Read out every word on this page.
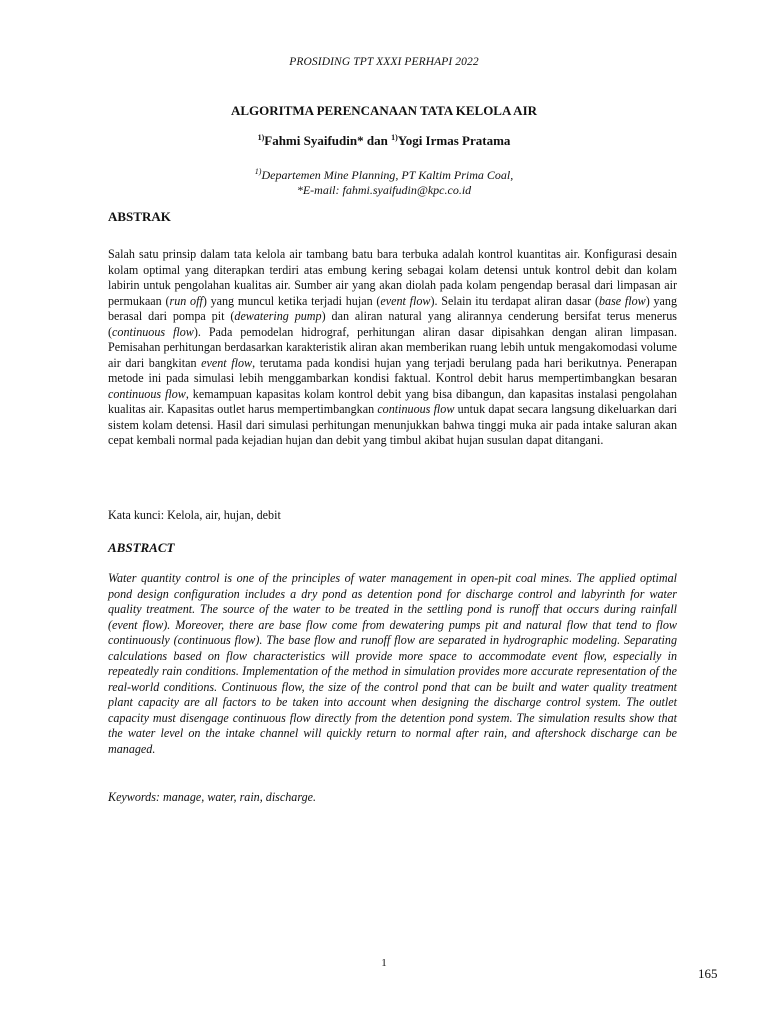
PROSIDING TPT XXXI PERHAPI 2022
ALGORITMA PERENCANAAN TATA KELOLA AIR
$^{1)}$Fahmi Syaifudin* dan $^{1)}$Yogi Irmas Pratama
$^{1)}$Departemen Mine Planning, PT Kaltim Prima Coal,
*E-mail: fahmi.syaifudin@kpc.co.id
ABSTRAK
Salah satu prinsip dalam tata kelola air tambang batu bara terbuka adalah kontrol kuantitas air. Konfigurasi desain kolam optimal yang diterapkan terdiri atas embung kering sebagai kolam detensi untuk kontrol debit dan kolam labirin untuk pengolahan kualitas air. Sumber air yang akan diolah pada kolam pengendap berasal dari limpasan air permukaan (run off) yang muncul ketika terjadi hujan (event flow). Selain itu terdapat aliran dasar (base flow) yang berasal dari pompa pit (dewatering pump) dan aliran natural yang alirannya cenderung bersifat terus menerus (continuous flow). Pada pemodelan hidrograf, perhitungan aliran dasar dipisahkan dengan aliran limpasan. Pemisahan perhitungan berdasarkan karakteristik aliran akan memberikan ruang lebih untuk mengakomodasi volume air dari bangkitan event flow, terutama pada kondisi hujan yang terjadi berulang pada hari berikutnya. Penerapan metode ini pada simulasi lebih menggambarkan kondisi faktual. Kontrol debit harus mempertimbangkan besaran continuous flow, kemampuan kapasitas kolam kontrol debit yang bisa dibangun, dan kapasitas instalasi pengolahan kualitas air. Kapasitas outlet harus mempertimbangkan continuous flow untuk dapat secara langsung dikeluarkan dari sistem kolam detensi. Hasil dari simulasi perhitungan menunjukkan bahwa tinggi muka air pada intake saluran akan cepat kembali normal pada kejadian hujan dan debit yang timbul akibat hujan susulan dapat ditangani.
Kata kunci: Kelola, air, hujan, debit
ABSTRACT
Water quantity control is one of the principles of water management in open-pit coal mines. The applied optimal pond design configuration includes a dry pond as detention pond for discharge control and labyrinth for water quality treatment. The source of the water to be treated in the settling pond is runoff that occurs during rainfall (event flow). Moreover, there are base flow come from dewatering pumps pit and natural flow that tend to flow continuously (continuous flow). The base flow and runoff flow are separated in hydrographic modeling. Separating calculations based on flow characteristics will provide more space to accommodate event flow, especially in repeatedly rain conditions. Implementation of the method in simulation provides more accurate representation of the real-world conditions. Continuous flow, the size of the control pond that can be built and water quality treatment plant capacity are all factors to be taken into account when designing the discharge control system. The outlet capacity must disengage continuous flow directly from the detention pond system. The simulation results show that the water level on the intake channel will quickly return to normal after rain, and aftershock discharge can be managed.
Keywords: manage, water, rain, discharge.
1
165
